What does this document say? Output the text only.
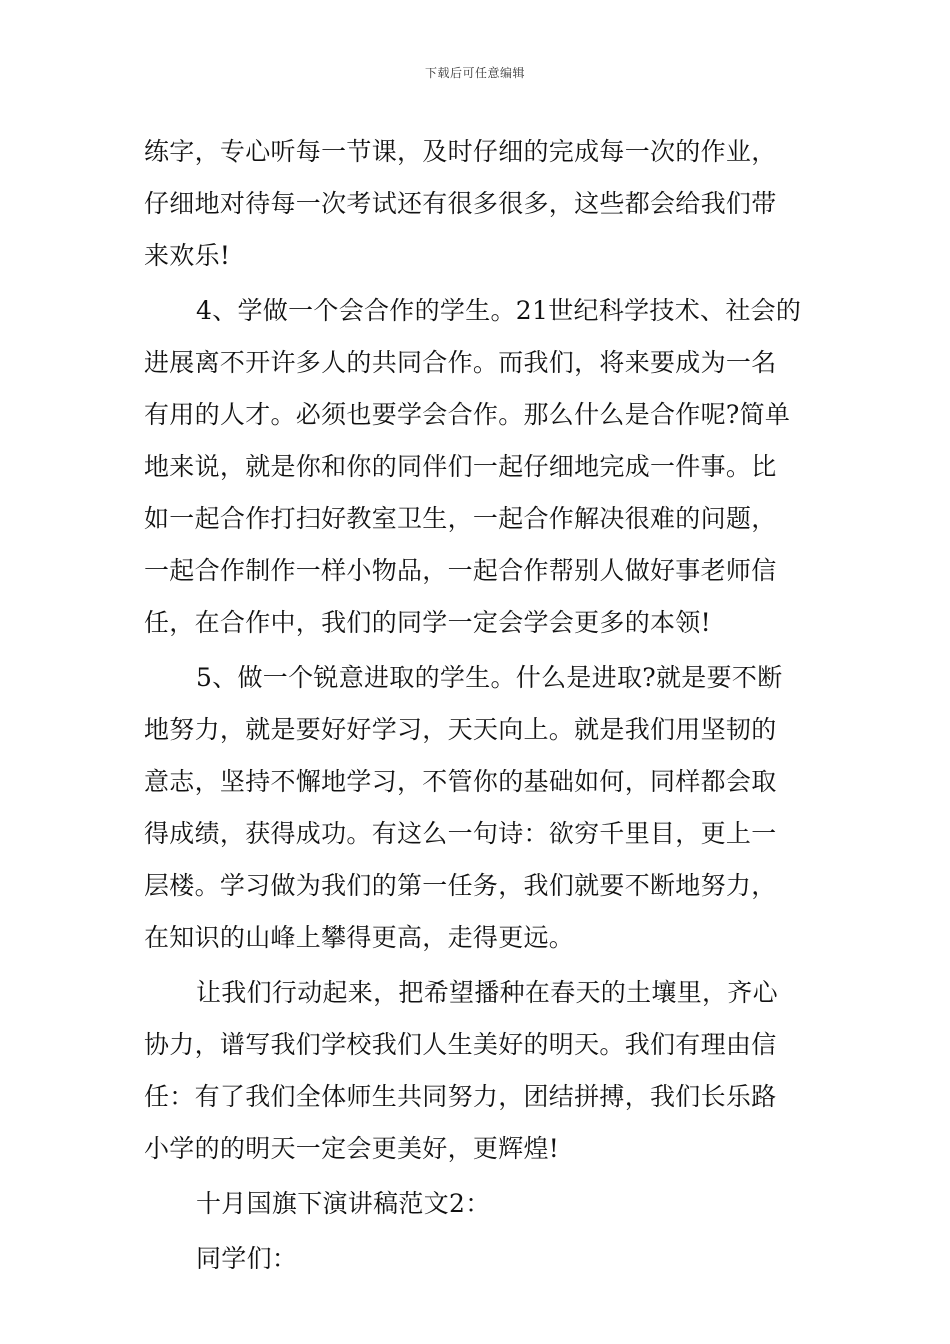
下载后可任意编辑
练字，专心听每一节课，及时仔细的完成每一次的作业，
仔细地对待每一次考试还有很多很多，这些都会给我们带
来欢乐!
4、学做一个会合作的学生。21世纪科学技术、社会的
进展离不开许多人的共同合作。而我们，将来要成为一名
有用的人才。必须也要学会合作。那么什么是合作呢?简单
地来说，就是你和你的同伴们一起仔细地完成一件事。比
如一起合作打扫好教室卫生，一起合作解决很难的问题，
一起合作制作一样小物品，一起合作帮别人做好事老师信
任，在合作中，我们的同学一定会学会更多的本领!
5、做一个锐意进取的学生。什么是进取?就是要不断
地努力，就是要好好学习，天天向上。就是我们用坚韧的
意志，坚持不懈地学习，不管你的基础如何，同样都会取
得成绩，获得成功。有这么一句诗：欲穷千里目，更上一
层楼。学习做为我们的第一任务，我们就要不断地努力，
在知识的山峰上攀得更高，走得更远。
让我们行动起来，把希望播种在春天的土壤里，齐心
协力，谱写我们学校我们人生美好的明天。我们有理由信
任：有了我们全体师生共同努力，团结拼搏，我们长乐路
小学的的明天一定会更美好，更辉煌!
十月国旗下演讲稿范文2：
同学们：
